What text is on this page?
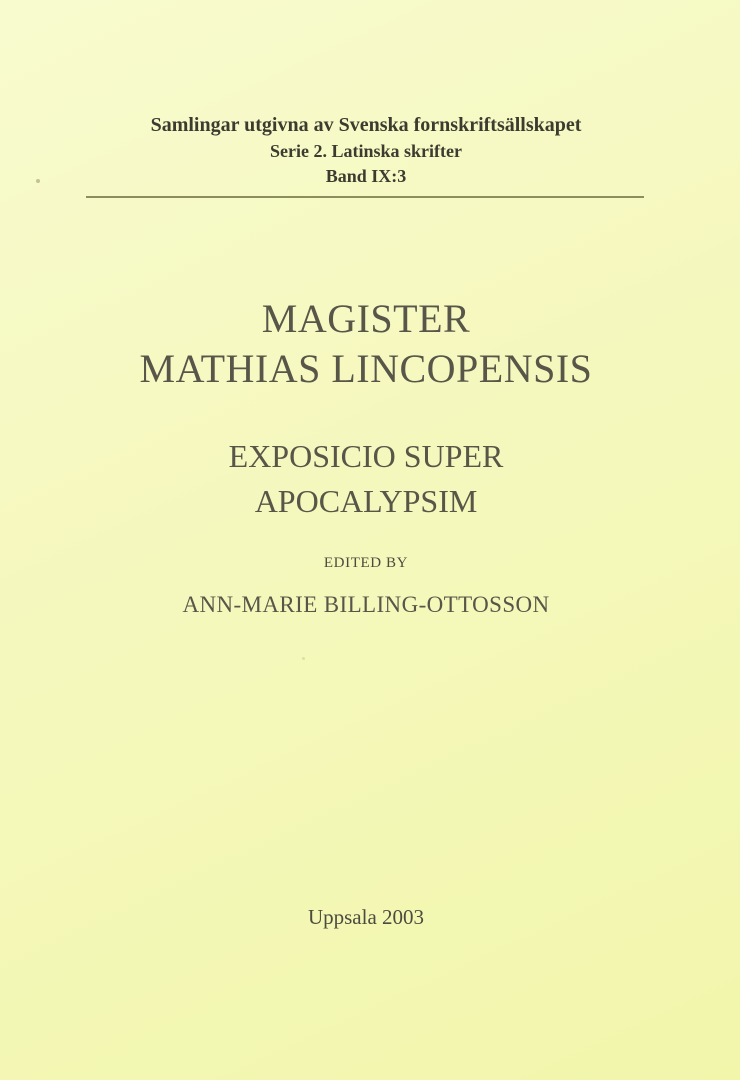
Samlingar utgivna av Svenska fornskriftsällskapet
Serie 2. Latinska skrifter
Band IX:3
MAGISTER
MATHIAS LINCOPENSIS
EXPOSICIO SUPER
APOCALYPSIM
EDITED BY
ANN-MARIE BILLING-OTTOSSON
Uppsala 2003
